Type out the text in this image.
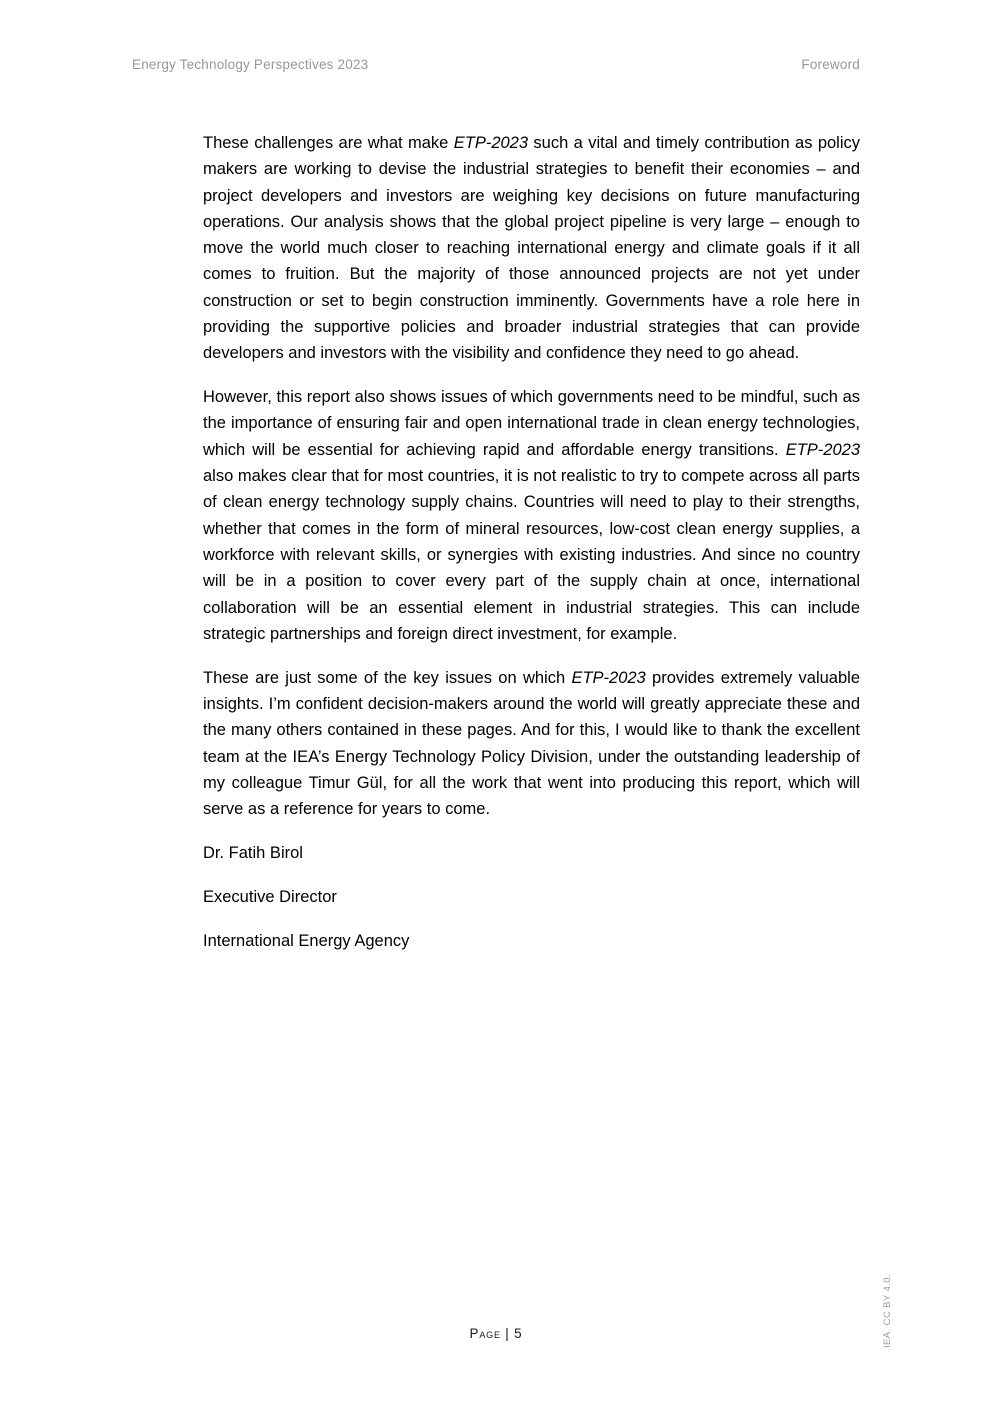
Energy Technology Perspectives 2023	Foreword

These challenges are what make ETP-2023 such a vital and timely contribution as policy makers are working to devise the industrial strategies to benefit their economies – and project developers and investors are weighing key decisions on future manufacturing operations. Our analysis shows that the global project pipeline is very large – enough to move the world much closer to reaching international energy and climate goals if it all comes to fruition. But the majority of those announced projects are not yet under construction or set to begin construction imminently. Governments have a role here in providing the supportive policies and broader industrial strategies that can provide developers and investors with the visibility and confidence they need to go ahead.

However, this report also shows issues of which governments need to be mindful, such as the importance of ensuring fair and open international trade in clean energy technologies, which will be essential for achieving rapid and affordable energy transitions. ETP-2023 also makes clear that for most countries, it is not realistic to try to compete across all parts of clean energy technology supply chains. Countries will need to play to their strengths, whether that comes in the form of mineral resources, low-cost clean energy supplies, a workforce with relevant skills, or synergies with existing industries. And since no country will be in a position to cover every part of the supply chain at once, international collaboration will be an essential element in industrial strategies. This can include strategic partnerships and foreign direct investment, for example.

These are just some of the key issues on which ETP-2023 provides extremely valuable insights. I’m confident decision-makers around the world will greatly appreciate these and the many others contained in these pages. And for this, I would like to thank the excellent team at the IEA’s Energy Technology Policy Division, under the outstanding leadership of my colleague Timur Gül, for all the work that went into producing this report, which will serve as a reference for years to come.

Dr. Fatih Birol

Executive Director

International Energy Agency

Page | 5	IEA. CC BY 4.0.
